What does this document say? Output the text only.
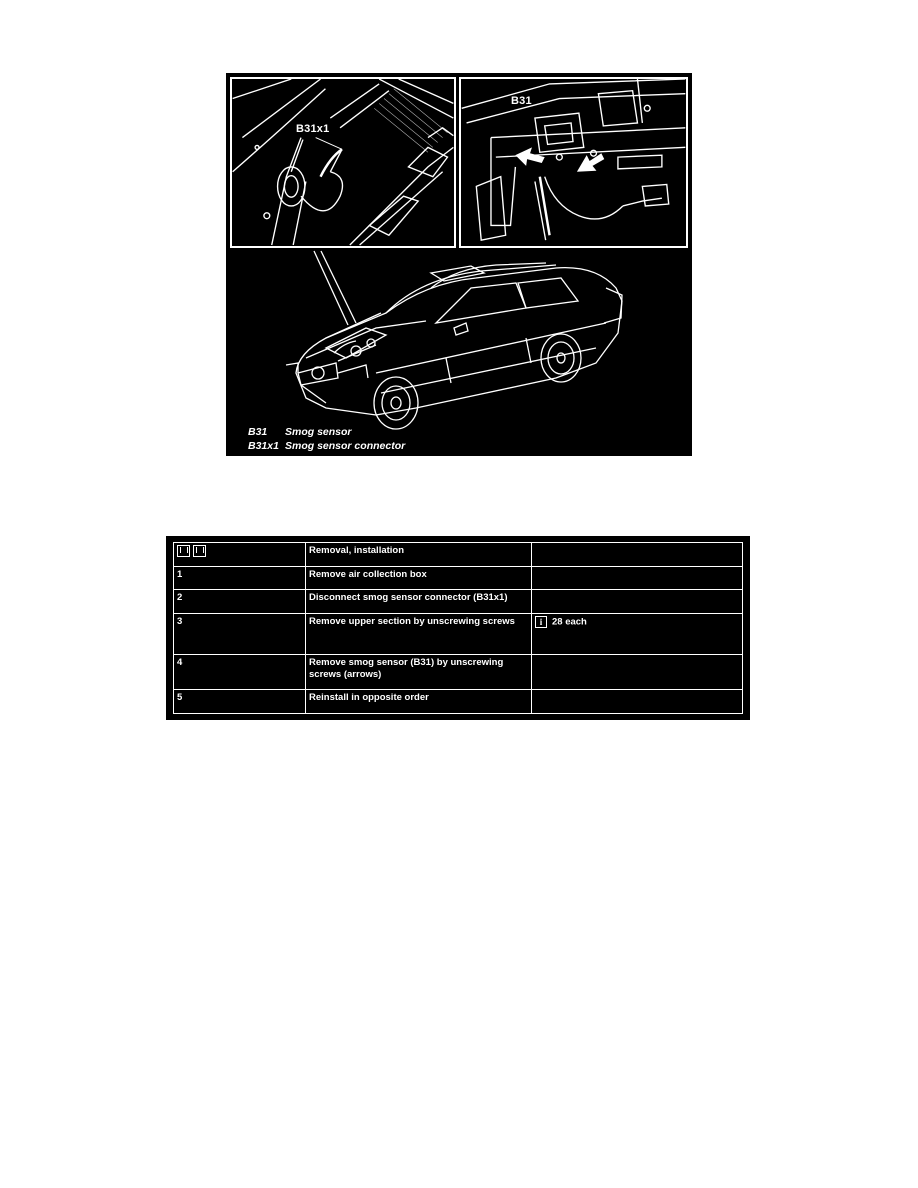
B31x1
B31
B31 Smog sensor
B31x1 Smog sensor connector
	Removal, installation	
1	Remove air collection box	
2	Disconnect smog sensor connector (B31x1)	
3	Remove upper section by unscrewing screws	i 28 each
4	Remove smog sensor (B31) by unscrewing screws (arrows)	
5	Reinstall in opposite order	
